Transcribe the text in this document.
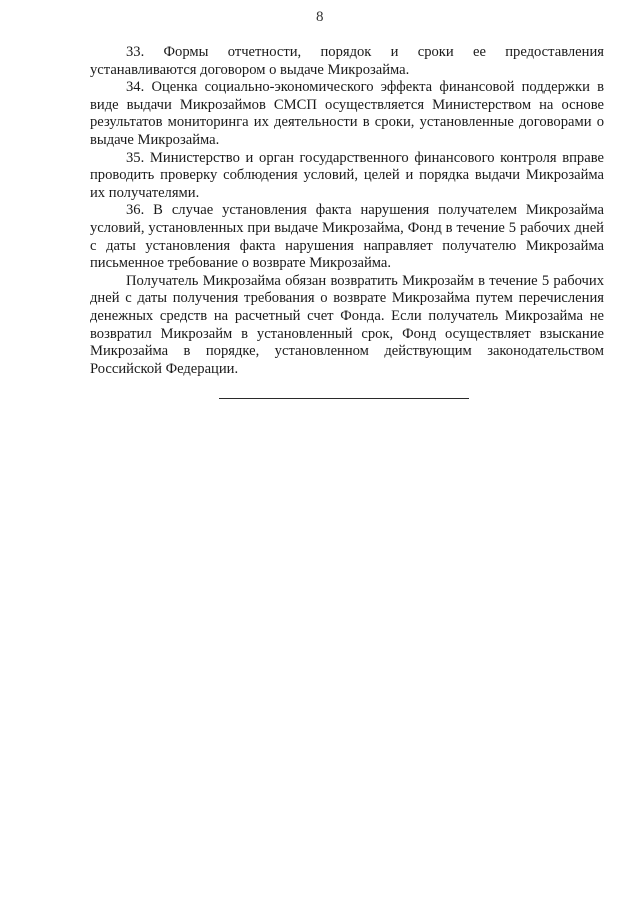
8

33. Формы отчетности, порядок и сроки ее предоставления устанавливаются договором о выдаче Микрозайма.

34. Оценка социально-экономического эффекта финансовой поддержки в виде выдачи Микрозаймов СМСП осуществляется Министерством на основе результатов мониторинга их деятельности в сроки, установленные договорами о выдаче Микрозайма.

35. Министерство и орган государственного финансового контроля вправе проводить проверку соблюдения условий, целей и порядка выдачи Микрозайма их получателями.

36. В случае установления факта нарушения получателем Микрозайма условий, установленных при выдаче Микрозайма, Фонд в течение 5 рабочих дней с даты установления факта нарушения направляет получателю Микрозайма письменное требование о возврате Микрозайма.

Получатель Микрозайма обязан возвратить Микрозайм в течение 5 рабочих дней с даты получения требования о возврате Микрозайма путем перечисления денежных средств на расчетный счет Фонда. Если получатель Микрозайма не возвратил Микрозайм в установленный срок, Фонд осуществляет взыскание Микрозайма в порядке, установленном действующим законодательством Российской Федерации.
